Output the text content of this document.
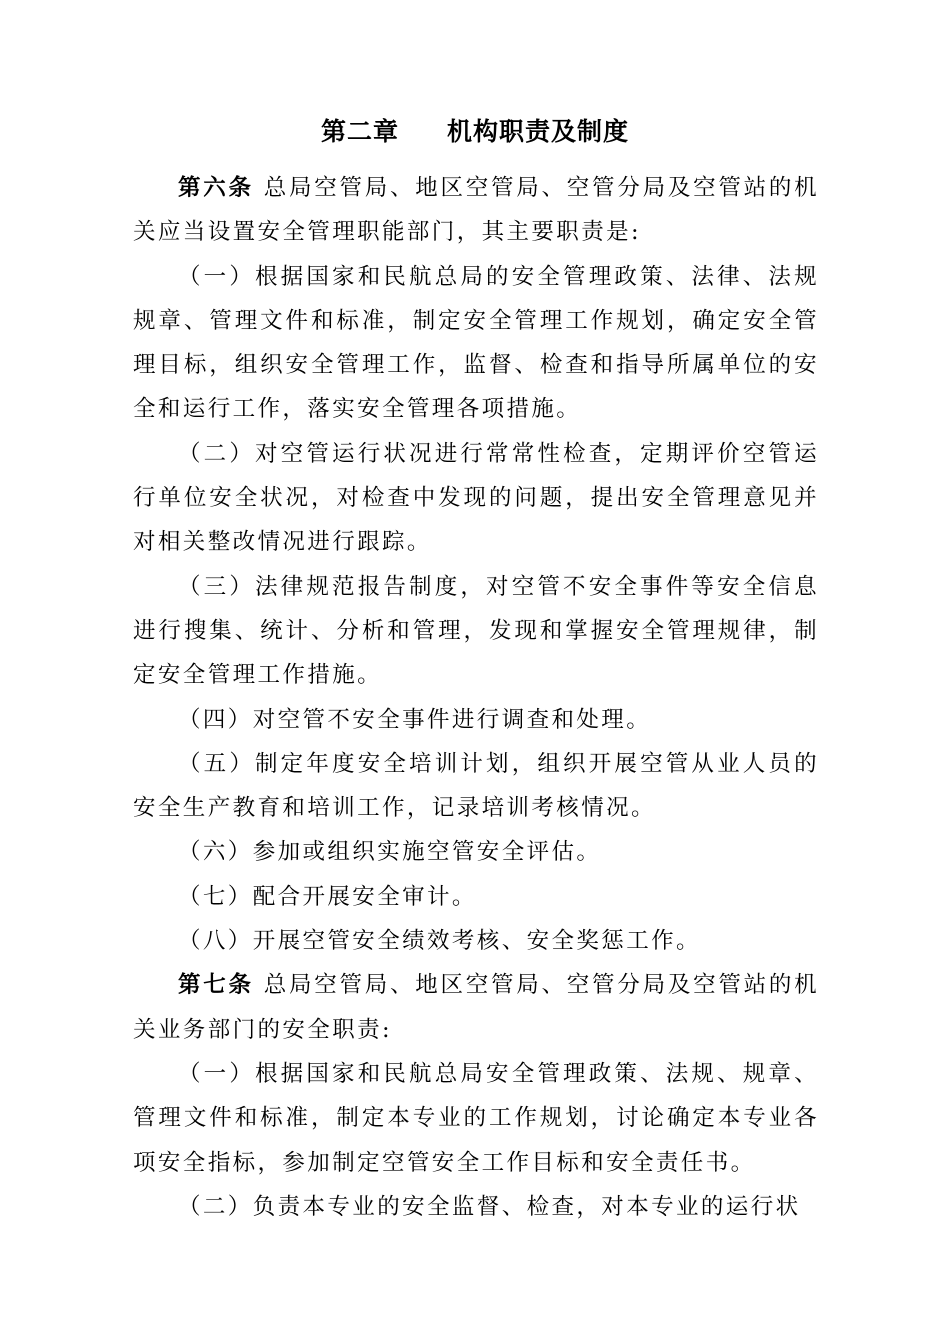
第二章 机构职责及制度

第六条 总局空管局、地区空管局、空管分局及空管站的机关应当设置安全管理职能部门，其主要职责是:

（一）根据国家和民航总局的安全管理政策、法律、法规规章、管理文件和标准，制定安全管理工作规划，确定安全管理目标，组织安全管理工作，监督、检查和指导所属单位的安全和运行工作，落实安全管理各项措施。

（二）对空管运行状况进行常常性检查，定期评价空管运行单位安全状况，对检查中发现的问题，提出安全管理意见并对相关整改情况进行跟踪。

（三）法律规范报告制度，对空管不安全事件等安全信息进行搜集、统计、分析和管理，发现和掌握安全管理规律，制定安全管理工作措施。

（四）对空管不安全事件进行调查和处理。

（五）制定年度安全培训计划，组织开展空管从业人员的安全生产教育和培训工作，记录培训考核情况。

（六）参加或组织实施空管安全评估。

（七）配合开展安全审计。

（八）开展空管安全绩效考核、安全奖惩工作。

第七条 总局空管局、地区空管局、空管分局及空管站的机关业务部门的安全职责:

（一）根据国家和民航总局安全管理政策、法规、规章、管理文件和标准，制定本专业的工作规划，讨论确定本专业各项安全指标，参加制定空管安全工作目标和安全责任书。

（二）负责本专业的安全监督、检查，对本专业的运行状
